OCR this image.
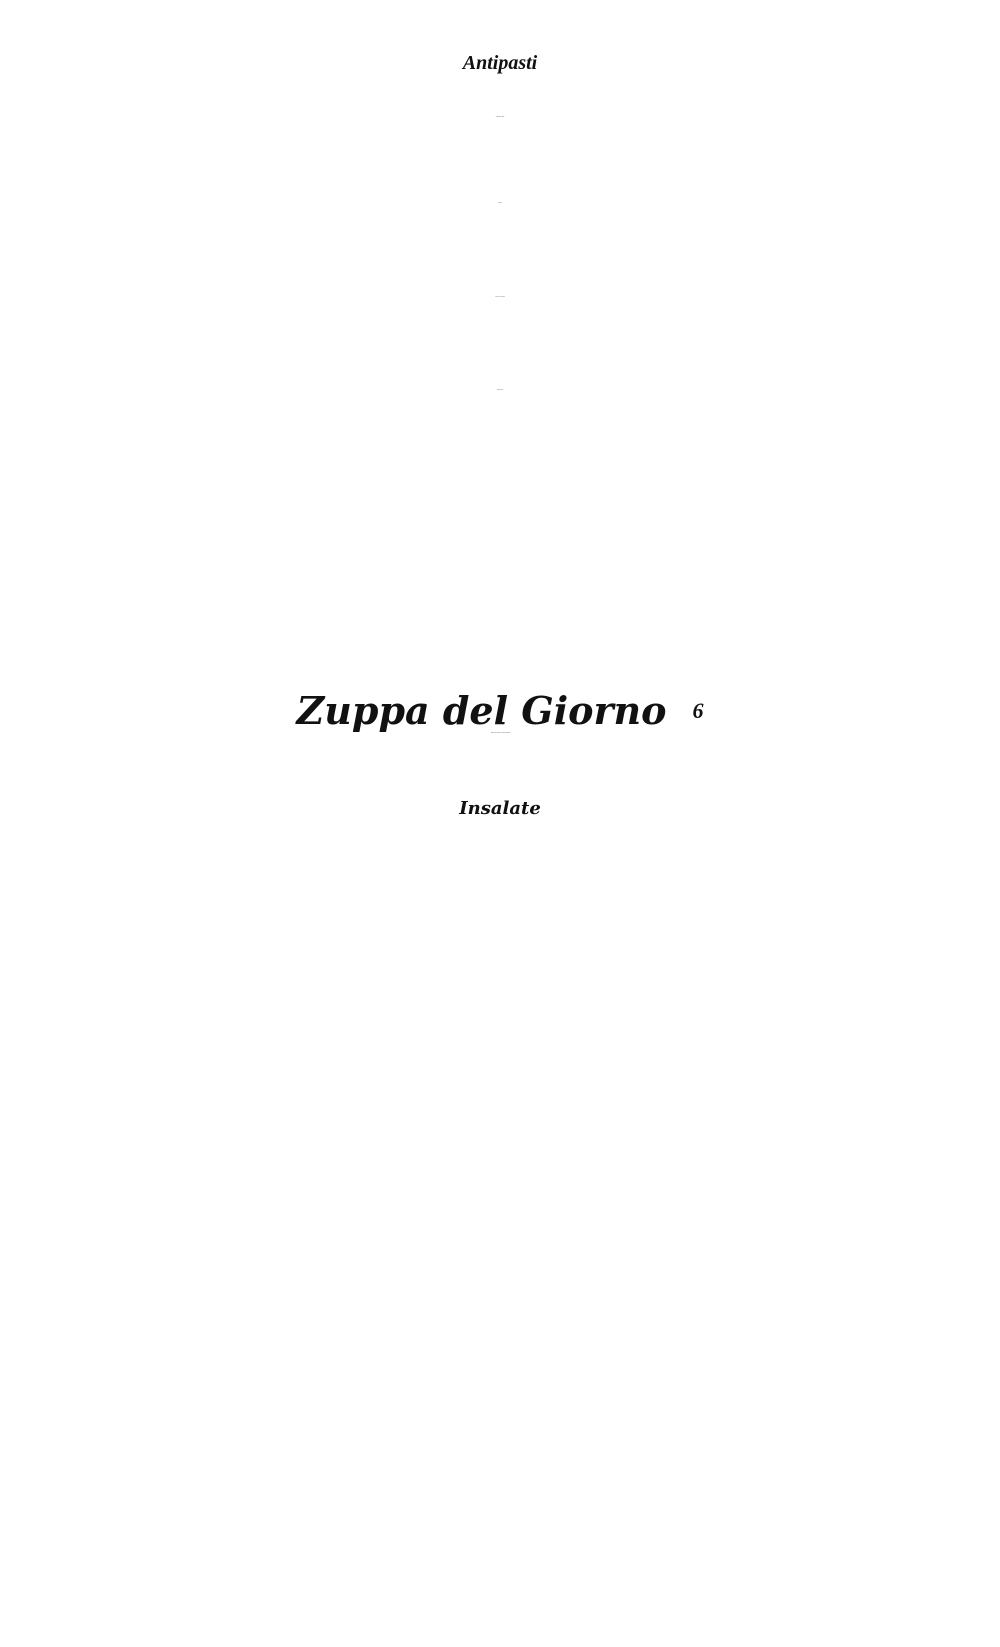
Antipasti
Funghi della Angela
Gamberi
Cozze con Vino Bianco
Calamari Fritti
Zuppa del Giorno 6
A daily selection of the chef’s house made soups
Insalate
